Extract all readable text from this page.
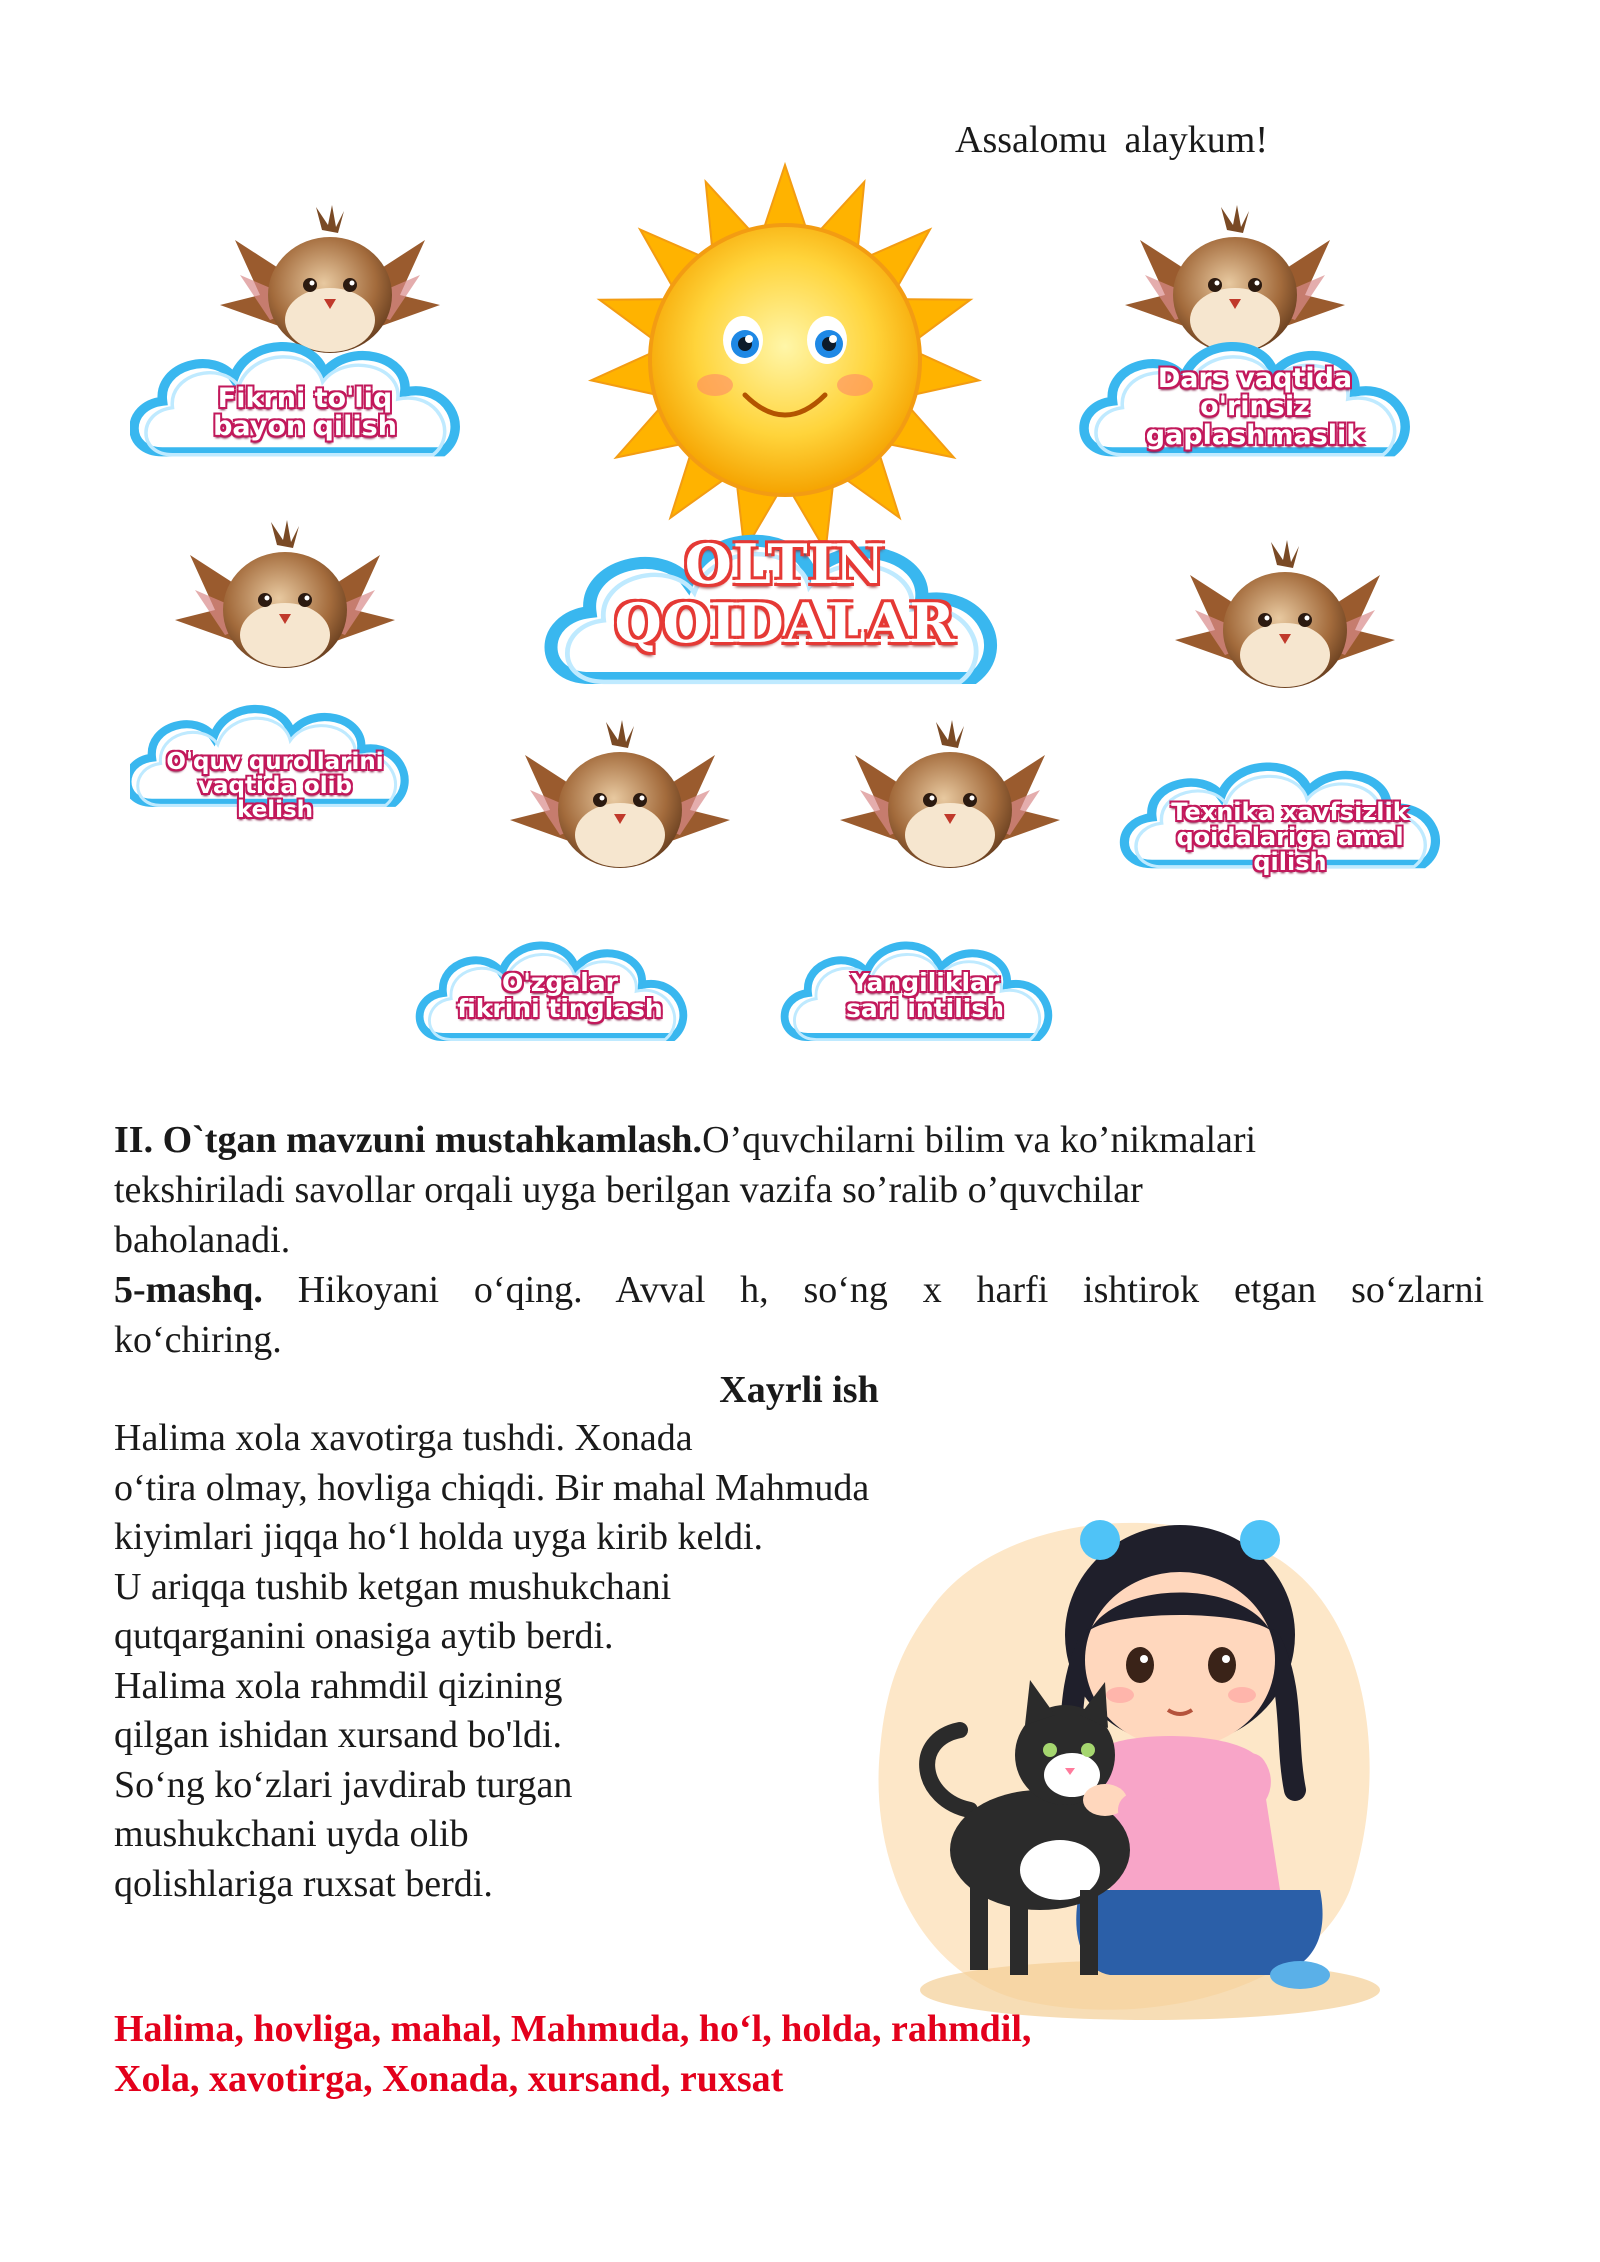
Assalomu alaykum!
OLTIN
QOIDALAR
Fikrni to'liq
bayon qilish
Dars vaqtida
o'rinsiz
gaplashmaslik
O'quv qurollarini
vaqtida olib
kelish	Texnika xavfsizlik
qoidalariga amal
qilish
O'zgalar
fikrini tinglash
Yangiliklar
sari intilish
II. O`tgan mavzuni mustahkamlash.O’quvchilarni bilim va ko’nikmalari
tekshiriladi savollar orqali uyga berilgan vazifa so’ralib o’quvchilar
baholanadi.
5-mashq. Hikoyani o‘qing. Avval h, so‘ng x harfi ishtirok etgan so‘zlarni
ko‘chiring.
Xayrli ish
Halima xola xavotirga tushdi. Xonada
o‘tira olmay, hovliga chiqdi. Bir mahal Mahmuda
kiyimlari jiqqa ho‘l holda uyga kirib keldi.
U ariqqa tushib ketgan mushukchani
qutqarganini onasiga aytib berdi.
Halima xola rahmdil qizining
qilgan ishidan xursand bo'ldi.
So‘ng ko‘zlari javdirab turgan
mushukchani uyda olib
qolishlariga ruxsat berdi.
Halima, hovliga, mahal, Mahmuda, ho‘l, holda, rahmdil,
Xola, xavotirga, Xonada, xursand, ruxsat
